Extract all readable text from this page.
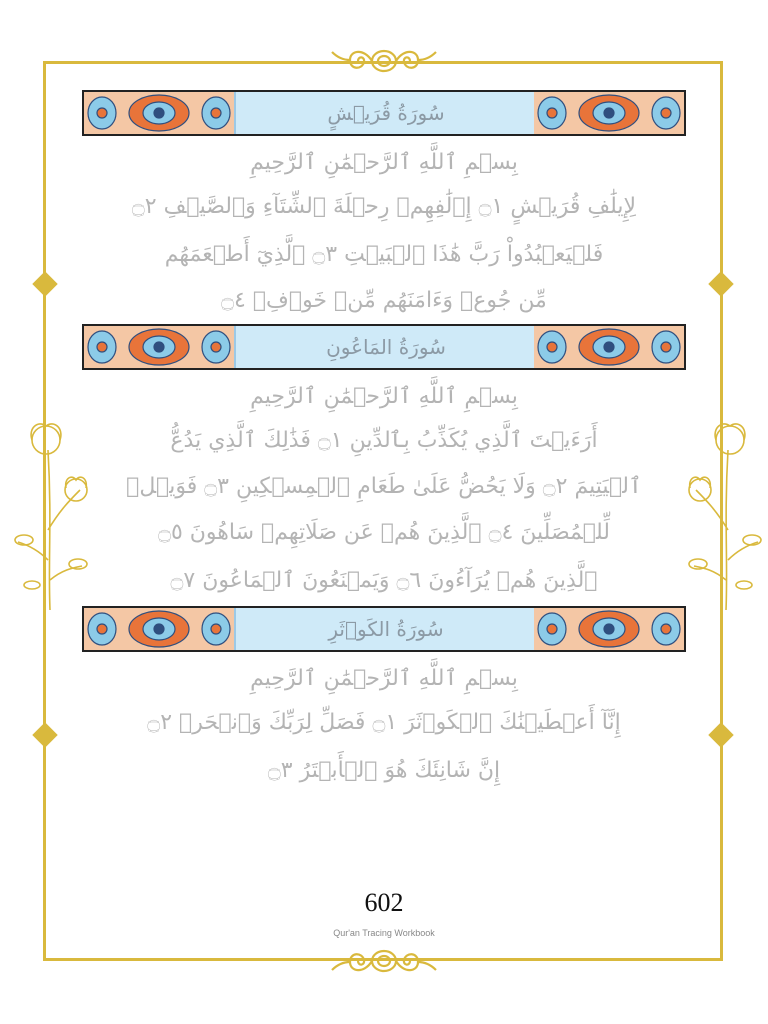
سُورَةُ قُرَيۡشٍ
بِسۡمِ ٱللَّهِ ٱلرَّحۡمَٰنِ ٱلرَّحِيمِ
لِإِيلَٰفِ قُرَيۡشٍ ۝١ إِۦلَٰفِهِمۡ رِحۡلَةَ ٱلشِّتَآءِ وَٱلصَّيۡفِ ۝٢
فَلۡيَعۡبُدُواْ رَبَّ هَٰذَا ٱلۡبَيۡتِ ۝٣ ٱلَّذِيٓ أَطۡعَمَهُم
مِّن جُوعٖ وَءَامَنَهُم مِّنۡ خَوۡفِۭ ۝٤
سُورَةُ المَاعُونِ
بِسۡمِ ٱللَّهِ ٱلرَّحۡمَٰنِ ٱلرَّحِيمِ
أَرَءَيۡتَ ٱلَّذِي يُكَذِّبُ بِٱلدِّينِ ۝١ فَذَٰلِكَ ٱلَّذِي يَدُعُّ
ٱلۡيَتِيمَ ۝٢ وَلَا يَحُضُّ عَلَىٰ طَعَامِ ٱلۡمِسۡكِينِ ۝٣ فَوَيۡلٞ
لِّلۡمُصَلِّينَ ۝٤ ٱلَّذِينَ هُمۡ عَن صَلَاتِهِمۡ سَاهُونَ ۝٥
ٱلَّذِينَ هُمۡ يُرَآءُونَ ۝٦ وَيَمۡنَعُونَ ٱلۡمَاعُونَ ۝٧
سُورَةُ الكَوۡثَرِ
بِسۡمِ ٱللَّهِ ٱلرَّحۡمَٰنِ ٱلرَّحِيمِ
إِنَّآ أَعۡطَيۡنَٰكَ ٱلۡكَوۡثَرَ ۝١ فَصَلِّ لِرَبِّكَ وَٱنۡحَرۡ ۝٢
إِنَّ شَانِئَكَ هُوَ ٱلۡأَبۡتَرُ ۝٣
602
Qur'an Tracing Workbook
